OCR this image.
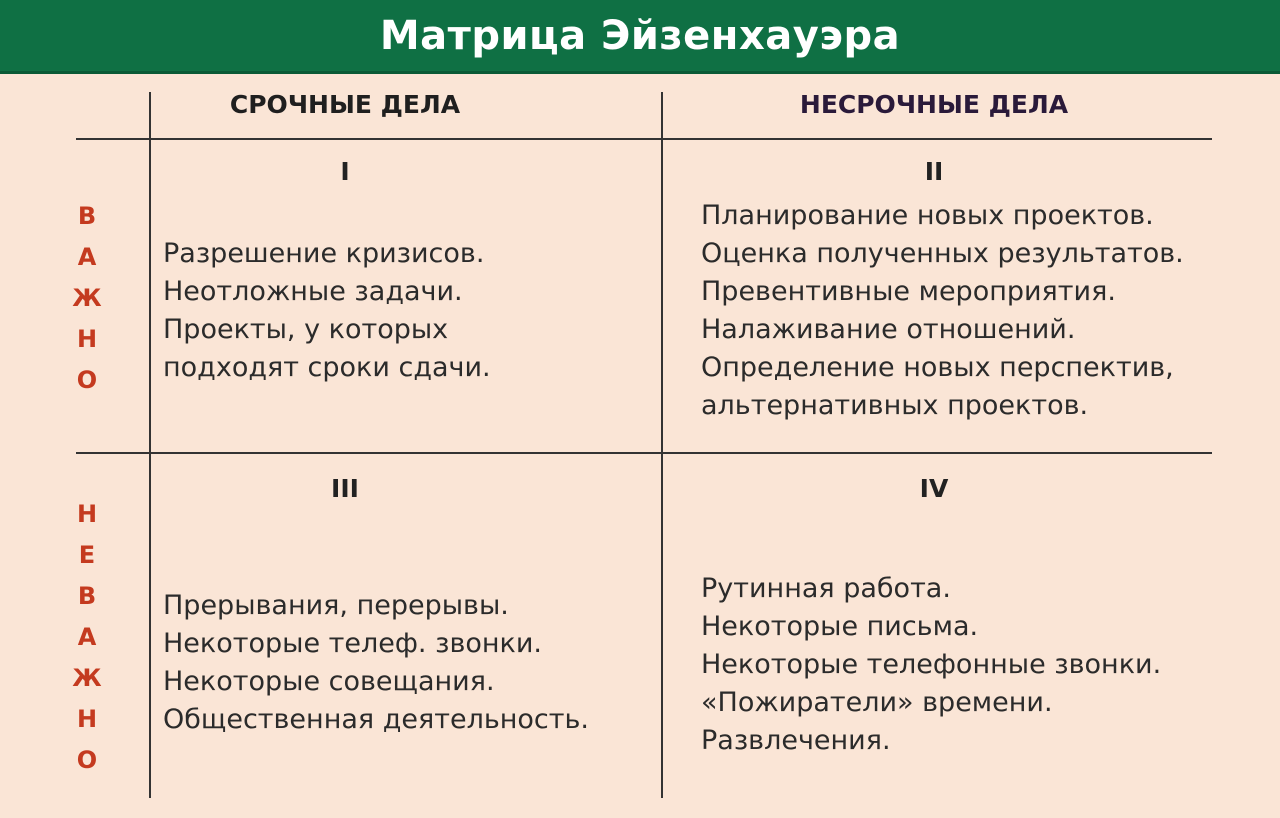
Матрица Эйзенхауэра
СРОЧНЫЕ ДЕЛА	НЕСРОЧНЫЕ ДЕЛА
В
А
Ж
Н
О
Н
Е
В
А
Ж
Н
О
I
Разрешение кризисов.
Неотложные задачи.
Проекты, у которых
подходят сроки сдачи.
II
Планирование новых проектов.
Оценка полученных результатов.
Превентивные мероприятия.
Налаживание отношений.
Определение новых перспектив,
альтернативных проектов.
III
Прерывания, перерывы.
Некоторые телеф. звонки.
Некоторые совещания.
Общественная деятельность.
IV
Рутинная работа.
Некоторые письма.
Некоторые телефонные звонки.
«Пожиратели» времени.
Развлечения.
